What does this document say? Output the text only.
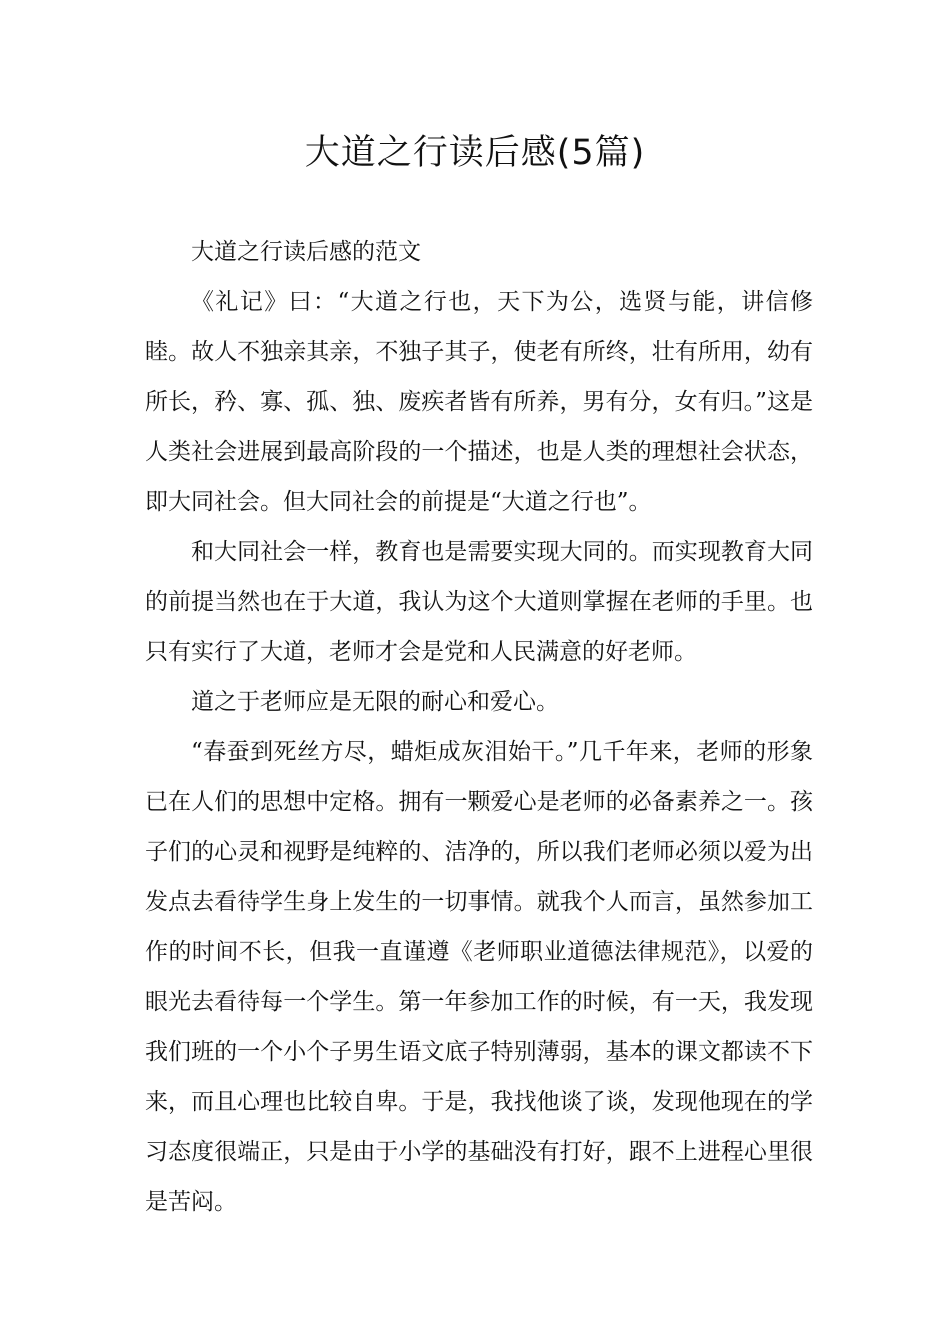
大道之行读后感(5篇)

大道之行读后感的范文

《礼记》曰：“大道之行也，天下为公，选贤与能，讲信修睦。故人不独亲其亲，不独子其子，使老有所终，壮有所用，幼有所长，矜、寡、孤、独、废疾者皆有所养，男有分，女有归。”这是人类社会进展到最高阶段的一个描述，也是人类的理想社会状态，即大同社会。但大同社会的前提是“大道之行也”。

和大同社会一样，教育也是需要实现大同的。而实现教育大同的前提当然也在于大道，我认为这个大道则掌握在老师的手里。也只有实行了大道，老师才会是党和人民满意的好老师。

道之于老师应是无限的耐心和爱心。

“春蚕到死丝方尽，蜡炬成灰泪始干。”几千年来，老师的形象已在人们的思想中定格。拥有一颗爱心是老师的必备素养之一。孩子们的心灵和视野是纯粹的、洁净的，所以我们老师必须以爱为出发点去看待学生身上发生的一切事情。就我个人而言，虽然参加工作的时间不长，但我一直谨遵《老师职业道德法律规范》，以爱的眼光去看待每一个学生。第一年参加工作的时候，有一天，我发现我们班的一个小个子男生语文底子特别薄弱，基本的课文都读不下来，而且心理也比较自卑。于是，我找他谈了谈，发现他现在的学习态度很端正，只是由于小学的基础没有打好，跟不上进程心里很是苦闷。
